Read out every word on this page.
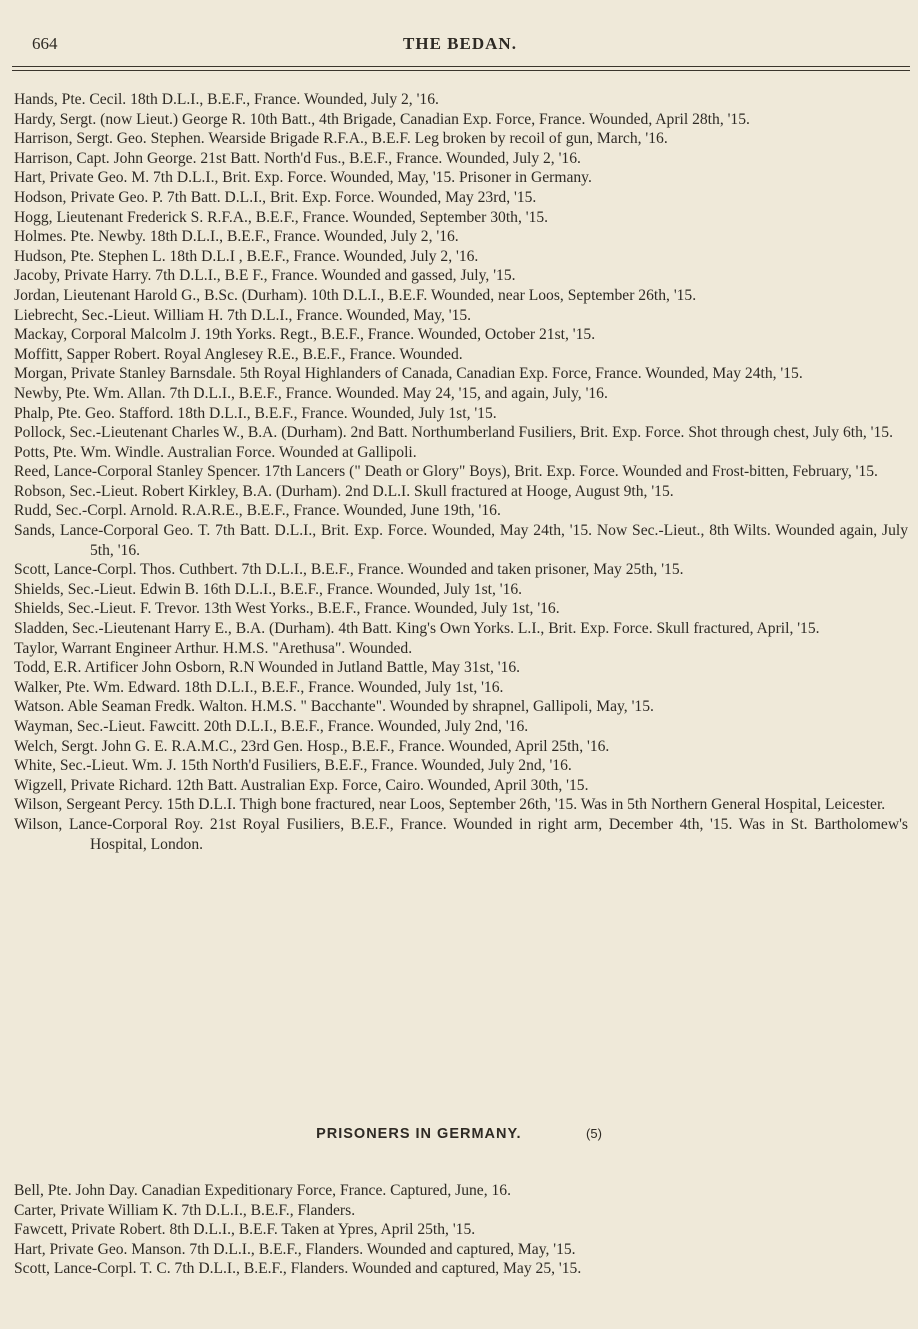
664	THE BEDAN.
Hands, Pte. Cecil. 18th D.L.I., B.E.F., France. Wounded, July 2, '16.
Hardy, Sergt. (now Lieut.) George R. 10th Batt., 4th Brigade, Canadian Exp. Force, France. Wounded, April 28th, '15.
Harrison, Sergt. Geo. Stephen. Wearside Brigade R.F.A., B.E.F. Leg broken by recoil of gun, March, '16.
Harrison, Capt. John George. 21st Batt. North'd Fus., B.E.F., France. Wounded, July 2, '16.
Hart, Private Geo. M. 7th D.L.I., Brit. Exp. Force. Wounded, May, '15. Prisoner in Germany.
Hodson, Private Geo. P. 7th Batt. D.L.I., Brit. Exp. Force. Wounded, May 23rd, '15.
Hogg, Lieutenant Frederick S. R.F.A., B.E.F., France. Wounded, September 30th, '15.
Holmes. Pte. Newby. 18th D.L.I., B.E.F., France. Wounded, July 2, '16.
Hudson, Pte. Stephen L. 18th D.L.I , B.E.F., France. Wounded, July 2, '16.
Jacoby, Private Harry. 7th D.L.I., B.E F., France. Wounded and gassed, July, '15.
Jordan, Lieutenant Harold G., B.Sc. (Durham). 10th D.L.I., B.E.F. Wounded, near Loos, September 26th, '15.
Liebrecht, Sec.-Lieut. William H. 7th D.L.I., France. Wounded, May, '15.
Mackay, Corporal Malcolm J. 19th Yorks. Regt., B.E.F., France. Wounded, October 21st, '15.
Moffitt, Sapper Robert. Royal Anglesey R.E., B.E.F., France. Wounded.
Morgan, Private Stanley Barnsdale. 5th Royal Highlanders of Canada, Canadian Exp. Force, France. Wounded, May 24th, '15.
Newby, Pte. Wm. Allan. 7th D.L.I., B.E.F., France. Wounded. May 24, '15, and again, July, '16.
Phalp, Pte. Geo. Stafford. 18th D.L.I., B.E.F., France. Wounded, July 1st, '15.
Pollock, Sec.-Lieutenant Charles W., B.A. (Durham). 2nd Batt. Northumberland Fusiliers, Brit. Exp. Force. Shot through chest, July 6th, '15.
Potts, Pte. Wm. Windle. Australian Force. Wounded at Gallipoli.
Reed, Lance-Corporal Stanley Spencer. 17th Lancers (" Death or Glory" Boys), Brit. Exp. Force. Wounded and Frost-bitten, February, '15.
Robson, Sec.-Lieut. Robert Kirkley, B.A. (Durham). 2nd D.L.I. Skull fractured at Hooge, August 9th, '15.
Rudd, Sec.-Corpl. Arnold. R.A.R.E., B.E.F., France. Wounded, June 19th, '16.
Sands, Lance-Corporal Geo. T. 7th Batt. D.L.I., Brit. Exp. Force. Wounded, May 24th, '15. Now Sec.-Lieut., 8th Wilts. Wounded again, July 5th, '16.
Scott, Lance-Corpl. Thos. Cuthbert. 7th D.L.I., B.E.F., France. Wounded and taken prisoner, May 25th, '15.
Shields, Sec.-Lieut. Edwin B. 16th D.L.I., B.E.F., France. Wounded, July 1st, '16.
Shields, Sec.-Lieut. F. Trevor. 13th West Yorks., B.E.F., France. Wounded, July 1st, '16.
Sladden, Sec.-Lieutenant Harry E., B.A. (Durham). 4th Batt. King's Own Yorks. L.I., Brit. Exp. Force. Skull fractured, April, '15.
Taylor, Warrant Engineer Arthur. H.M.S. "Arethusa". Wounded.
Todd, E.R. Artificer John Osborn, R.N Wounded in Jutland Battle, May 31st, '16.
Walker, Pte. Wm. Edward. 18th D.L.I., B.E.F., France. Wounded, July 1st, '16.
Watson. Able Seaman Fredk. Walton. H.M.S. " Bacchante". Wounded by shrapnel, Gallipoli, May, '15.
Wayman, Sec.-Lieut. Fawcitt. 20th D.L.I., B.E.F., France. Wounded, July 2nd, '16.
Welch, Sergt. John G. E. R.A.M.C., 23rd Gen. Hosp., B.E.F., France. Wounded, April 25th, '16.
White, Sec.-Lieut. Wm. J. 15th North'd Fusiliers, B.E.F., France. Wounded, July 2nd, '16.
Wigzell, Private Richard. 12th Batt. Australian Exp. Force, Cairo. Wounded, April 30th, '15.
Wilson, Sergeant Percy. 15th D.L.I. Thigh bone fractured, near Loos, September 26th, '15. Was in 5th Northern General Hospital, Leicester.
Wilson, Lance-Corporal Roy. 21st Royal Fusiliers, B.E.F., France. Wounded in right arm, December 4th, '15. Was in St. Bartholomew's Hospital, London.
PRISONERS IN GERMANY.	(5)
Bell, Pte. John Day. Canadian Expeditionary Force, France. Captured, June, 16.
Carter, Private William K. 7th D.L.I., B.E.F., Flanders.
Fawcett, Private Robert. 8th D.L.I., B.E.F. Taken at Ypres, April 25th, '15.
Hart, Private Geo. Manson. 7th D.L.I., B.E.F., Flanders. Wounded and captured, May, '15.
Scott, Lance-Corpl. T. C. 7th D.L.I., B.E.F., Flanders. Wounded and captured, May 25, '15.
